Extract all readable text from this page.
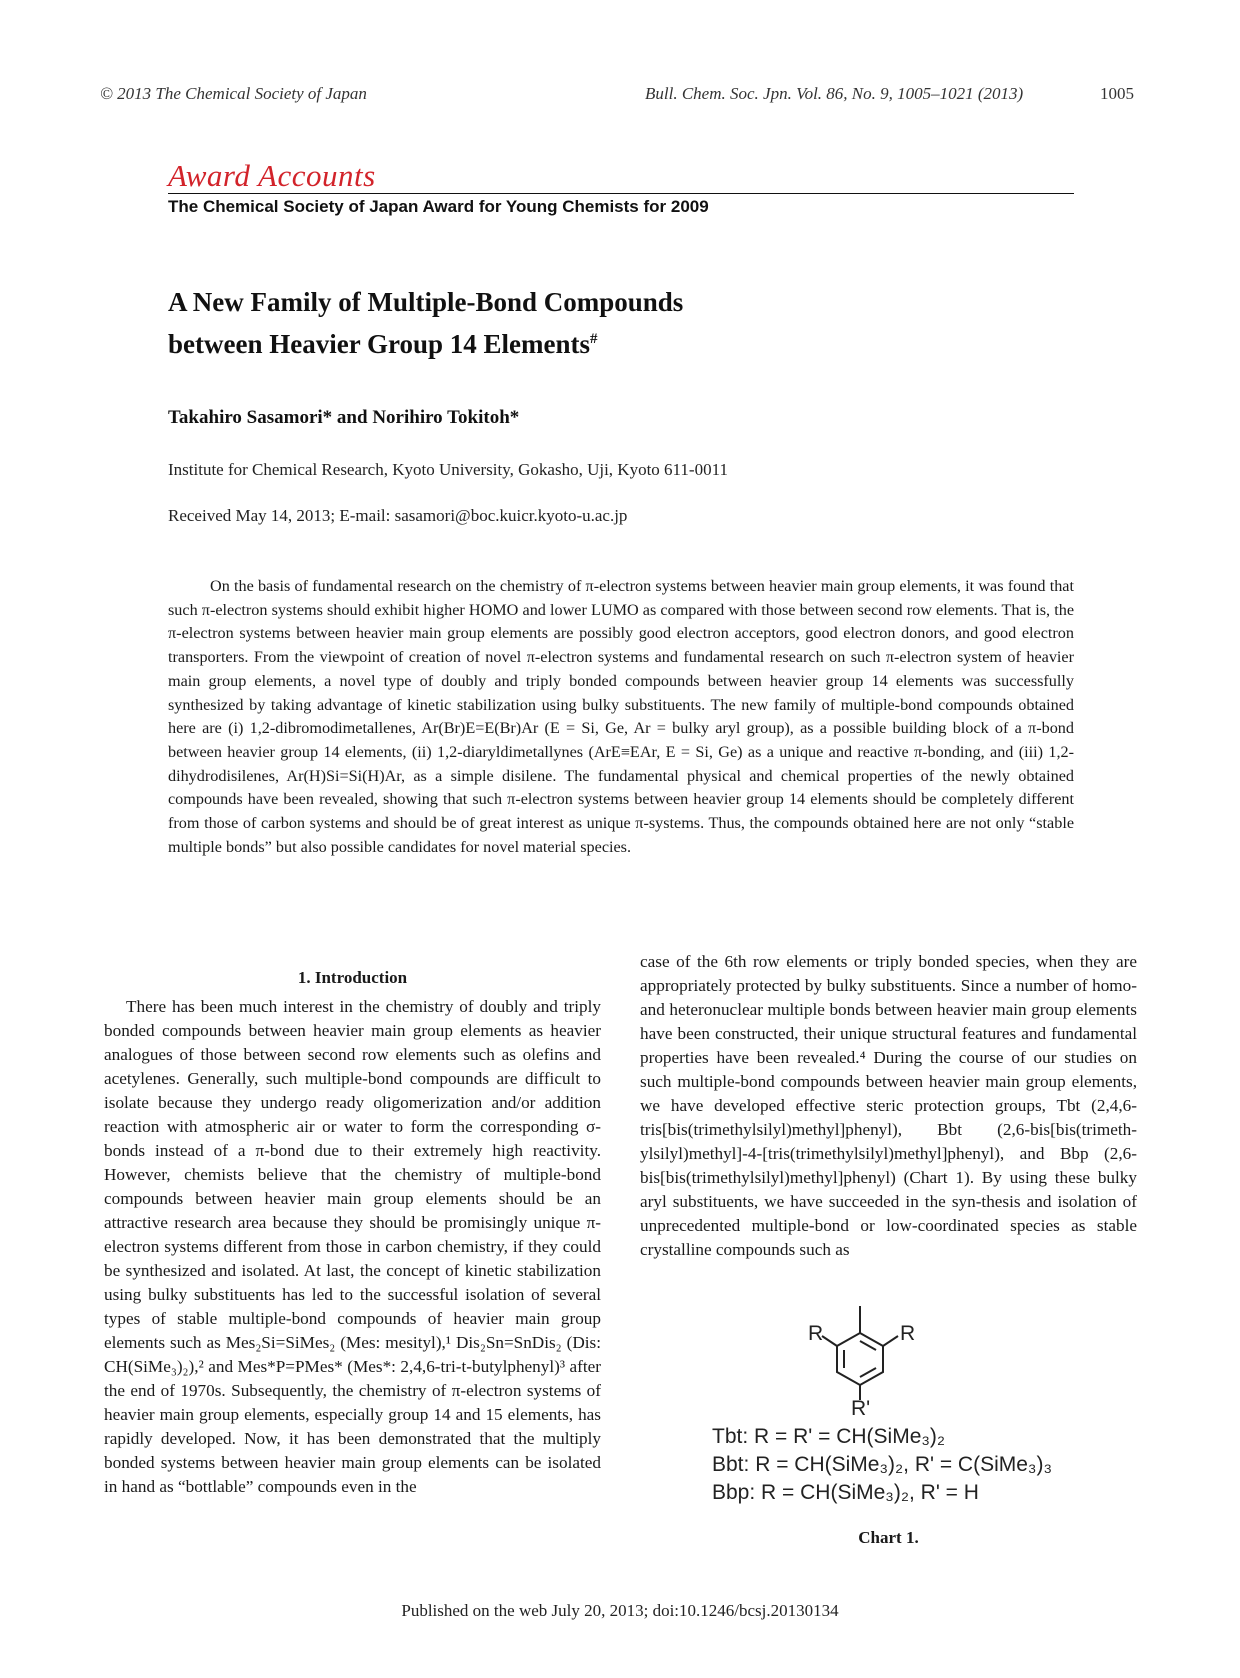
© 2013 The Chemical Society of Japan	Bull. Chem. Soc. Jpn. Vol. 86, No. 9, 1005–1021 (2013)	1005
Award Accounts
The Chemical Society of Japan Award for Young Chemists for 2009
A New Family of Multiple-Bond Compounds
between Heavier Group 14 Elements#
Takahiro Sasamori* and Norihiro Tokitoh*
Institute for Chemical Research, Kyoto University, Gokasho, Uji, Kyoto 611-0011
Received May 14, 2013; E-mail: sasamori@boc.kuicr.kyoto-u.ac.jp
On the basis of fundamental research on the chemistry of π-electron systems between heavier main group elements, it was found that such π-electron systems should exhibit higher HOMO and lower LUMO as compared with those between second row elements. That is, the π-electron systems between heavier main group elements are possibly good electron acceptors, good electron donors, and good electron transporters. From the viewpoint of creation of novel π-electron systems and fundamental research on such π-electron system of heavier main group elements, a novel type of doubly and triply bonded compounds between heavier group 14 elements was successfully synthesized by taking advantage of kinetic stabilization using bulky substituents. The new family of multiple-bond compounds obtained here are (i) 1,2-dibromodimetallenes, Ar(Br)E=E(Br)Ar (E = Si, Ge, Ar = bulky aryl group), as a possible building block of a π-bond between heavier group 14 elements, (ii) 1,2-diaryldimetallynes (ArE≡EAr, E = Si, Ge) as a unique and reactive π-bonding, and (iii) 1,2-dihydrodisilenes, Ar(H)Si=Si(H)Ar, as a simple disilene. The fundamental physical and chemical properties of the newly obtained compounds have been revealed, showing that such π-electron systems between heavier group 14 elements should be completely different from those of carbon systems and should be of great interest as unique π-systems. Thus, the compounds obtained here are not only “stable multiple bonds” but also possible candidates for novel material species.
1. Introduction
There has been much interest in the chemistry of doubly and triply bonded compounds between heavier main group elements as heavier analogues of those between second row elements such as olefins and acetylenes. Generally, such multiple-bond compounds are difficult to isolate because they undergo ready oligomerization and/or addition reaction with atmospheric air or water to form the corresponding σ-bonds instead of a π-bond due to their extremely high reactivity. However, chemists believe that the chemistry of multiple-bond compounds between heavier main group elements should be an attractive research area because they should be promisingly unique π-electron systems different from those in carbon chemistry, if they could be synthesized and isolated. At last, the concept of kinetic stabilization using bulky substituents has led to the successful isolation of several types of stable multiple-bond compounds of heavier main group elements such as Mes₂Si=SiMes₂ (Mes: mesityl),¹ Dis₂Sn=SnDis₂ (Dis: CH(SiMe₃)₂),² and Mes*P=PMes* (Mes*: 2,4,6-tri-t-butylphenyl)³ after the end of 1970s. Subsequently, the chemistry of π-electron systems of heavier main group elements, especially group 14 and 15 elements, has rapidly developed. Now, it has been demonstrated that the multiply bonded systems between heavier main group elements can be isolated in hand as “bottlable” compounds even in the
case of the 6th row elements or triply bonded species, when they are appropriately protected by bulky substituents. Since a number of homo- and heteronuclear multiple bonds between heavier main group elements have been constructed, their unique structural features and fundamental properties have been revealed.⁴ During the course of our studies on such multiple-bond compounds between heavier main group elements, we have developed effective steric protection groups, Tbt (2,4,6-tris[bis(trimethylsilyl)methyl]phenyl), Bbt (2,6-bis[bis(trimeth-ylsilyl)methyl]-4-[tris(trimethylsilyl)methyl]phenyl), and Bbp (2,6-bis[bis(trimethylsilyl)methyl]phenyl) (Chart 1). By using these bulky aryl substituents, we have succeeded in the syn-thesis and isolation of unprecedented multiple-bond or low-coordinated species as stable crystalline compounds such as
R	R
R'
Tbt: R = R' = CH(SiMe₃)₂
Bbt: R = CH(SiMe₃)₂, R' = C(SiMe₃)₃
Bbp: R = CH(SiMe₃)₂, R' = H
Chart 1.
Published on the web July 20, 2013; doi:10.1246/bcsj.20130134
